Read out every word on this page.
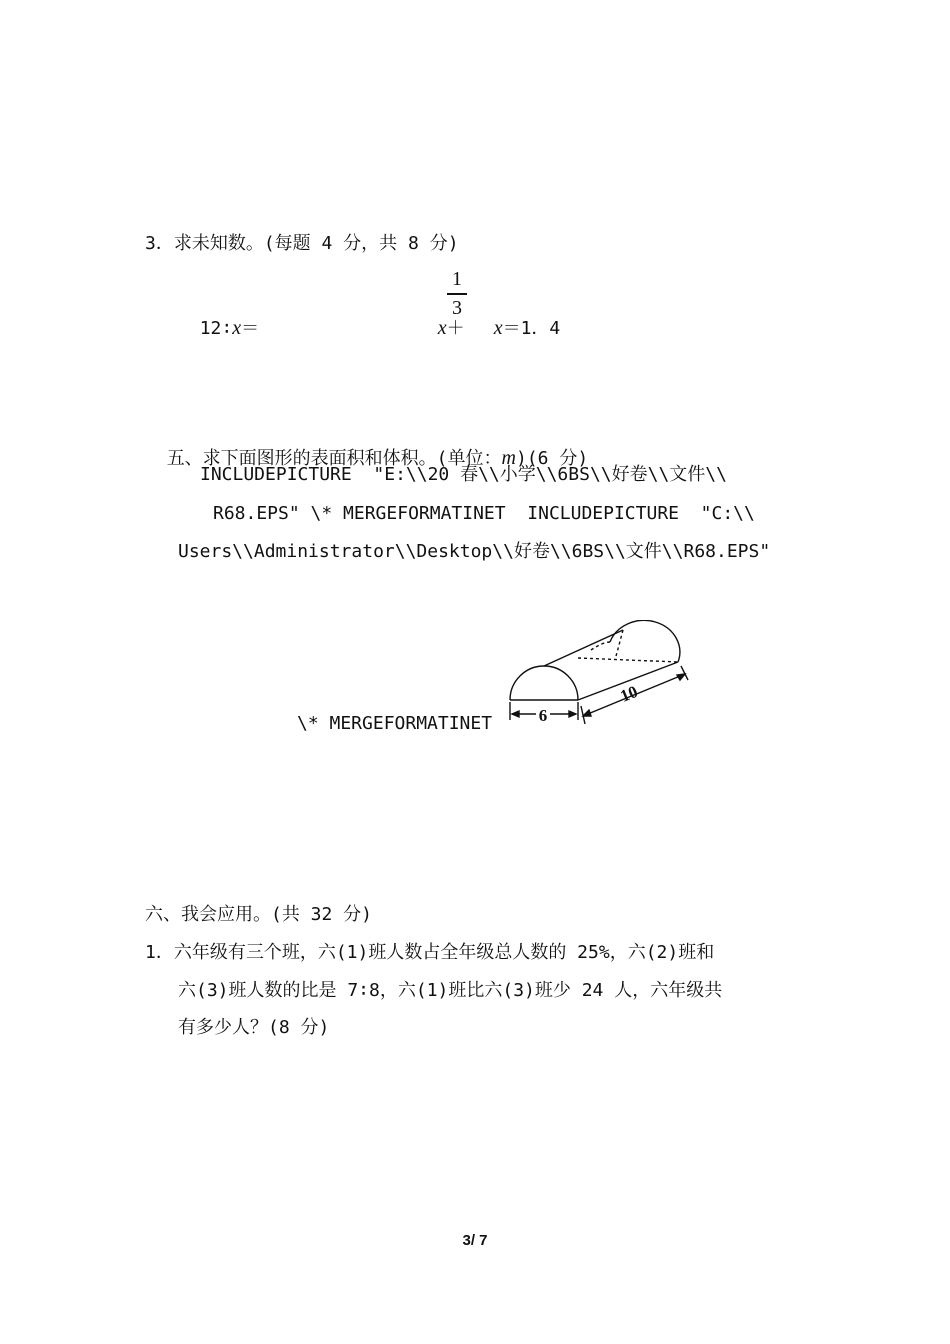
3．求未知数。(每题 4 分，共 8 分)

12∶x＝	x＋

1
3

x＝1．4

五、求下面图形的表面积和体积。(单位：m)(6 分)

INCLUDEPICTURE  "E:\\20 春\\小学\\6BS\\好卷\\文件\\
R68.EPS" \* MERGEFORMATINET  INCLUDEPICTURE  "C:\\
Users\\Administrator\\Desktop\\好卷\\6BS\\文件\\R68.EPS"
\* MERGEFORMATINET	6
10
六、我会应用。(共 32 分)
1．六年级有三个班，六(1)班人数占全年级总人数的 25%，六(2)班和
六(3)班人数的比是 7∶8，六(1)班比六(3)班少 24 人，六年级共
有多少人？(8 分)
3/ 7
